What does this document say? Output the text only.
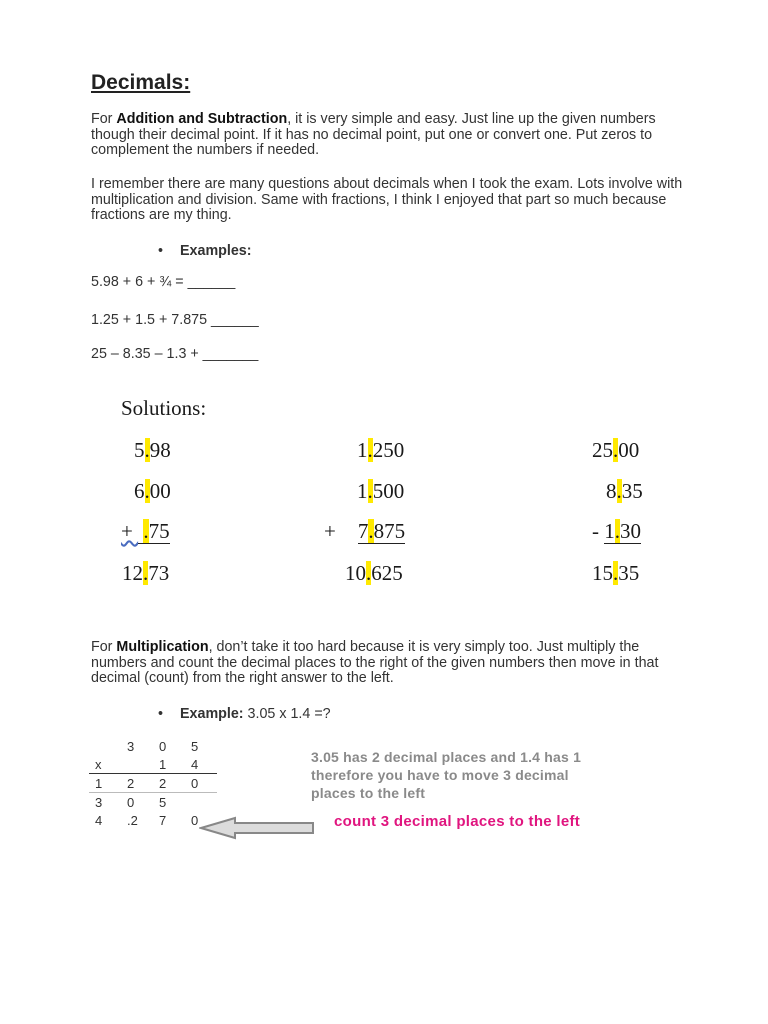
Decimals:
For Addition and Subtraction, it is very simple and easy. Just line up the given numbers though their decimal point. If it has no decimal point, put one or convert one. Put zeros to complement the numbers if needed.
I remember there are many questions about decimals when I took the exam. Lots involve with multiplication and division. Same with fractions, I think I enjoyed that part so much because fractions are my thing.
• Examples:
5.98 + 6 + ¾ = ______
1.25 + 1.5 + 7.875 ______
25 – 8.35 – 1.3 + _______
Solutions:
5.98
6.00
+  .75
12.73
1.250
1.500
+ 7.875
10.625
25.00
8.35
- 1.30
15.35
For Multiplication, don’t take it too hard because it is very simply too. Just multiply the numbers and count the decimal places to the right of the given numbers then move in that decimal (count) from the right answer to the left.
• Example: 3.05 x 1.4 =?
	3	0	5
x		1	4
1	2	2	0
3	0	5	
4	.2	7	0
3.05 has 2 decimal places and 1.4 has 1
therefore you have to move 3 decimal
places to the left
count 3 decimal places to the left
